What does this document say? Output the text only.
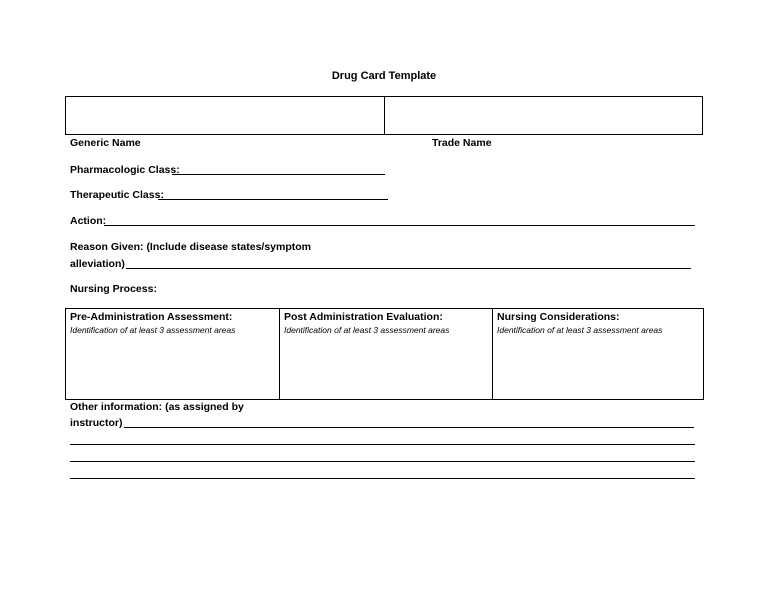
Drug Card Template
Generic Name	Trade Name
Pharmacologic Class:
Therapeutic Class:
Action:
Reason Given: (Include disease states/symptom
alleviation)
Nursing Process:
Pre-Administration Assessment:
Identification of at least 3 assessment areas
Post Administration Evaluation:
Identification of at least 3 assessment areas
Nursing Considerations:
Identification of at least 3 assessment areas
Other information: (as assigned by
instructor)
